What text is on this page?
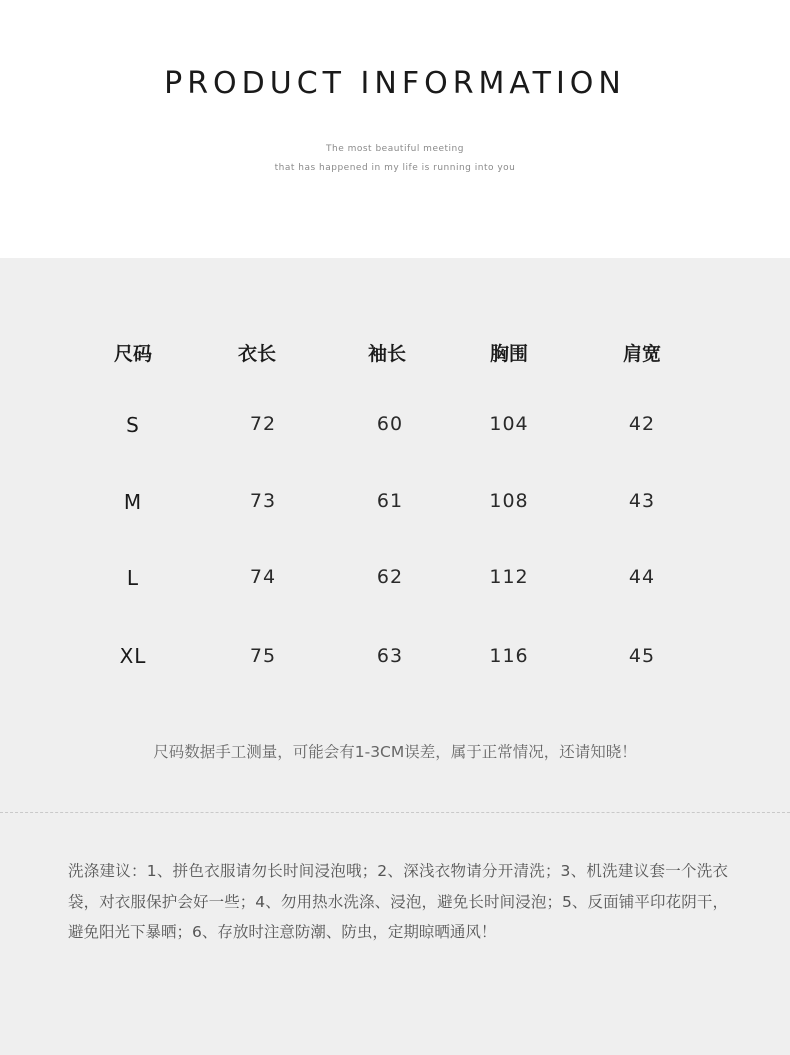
PRODUCT INFORMATION
The most beautiful meeting
that has happened in my life is running into you
尺码	衣长	袖长	胸围	肩宽
S	72	60	104	42
M	73	61	108	43
L	74	62	112	44
XL	75	63	116	45
尺码数据手工测量，可能会有1-3CM误差，属于正常情况，还请知晓！
洗涤建议：1、拼色衣服请勿长时间浸泡哦；2、深浅衣物请分开清洗；3、机洗建议套一个洗衣袋，对衣服保护会好一些；4、勿用热水洗涤、浸泡，避免长时间浸泡；5、反面铺平印花阴干，避免阳光下暴晒；6、存放时注意防潮、防虫，定期晾晒通风！
